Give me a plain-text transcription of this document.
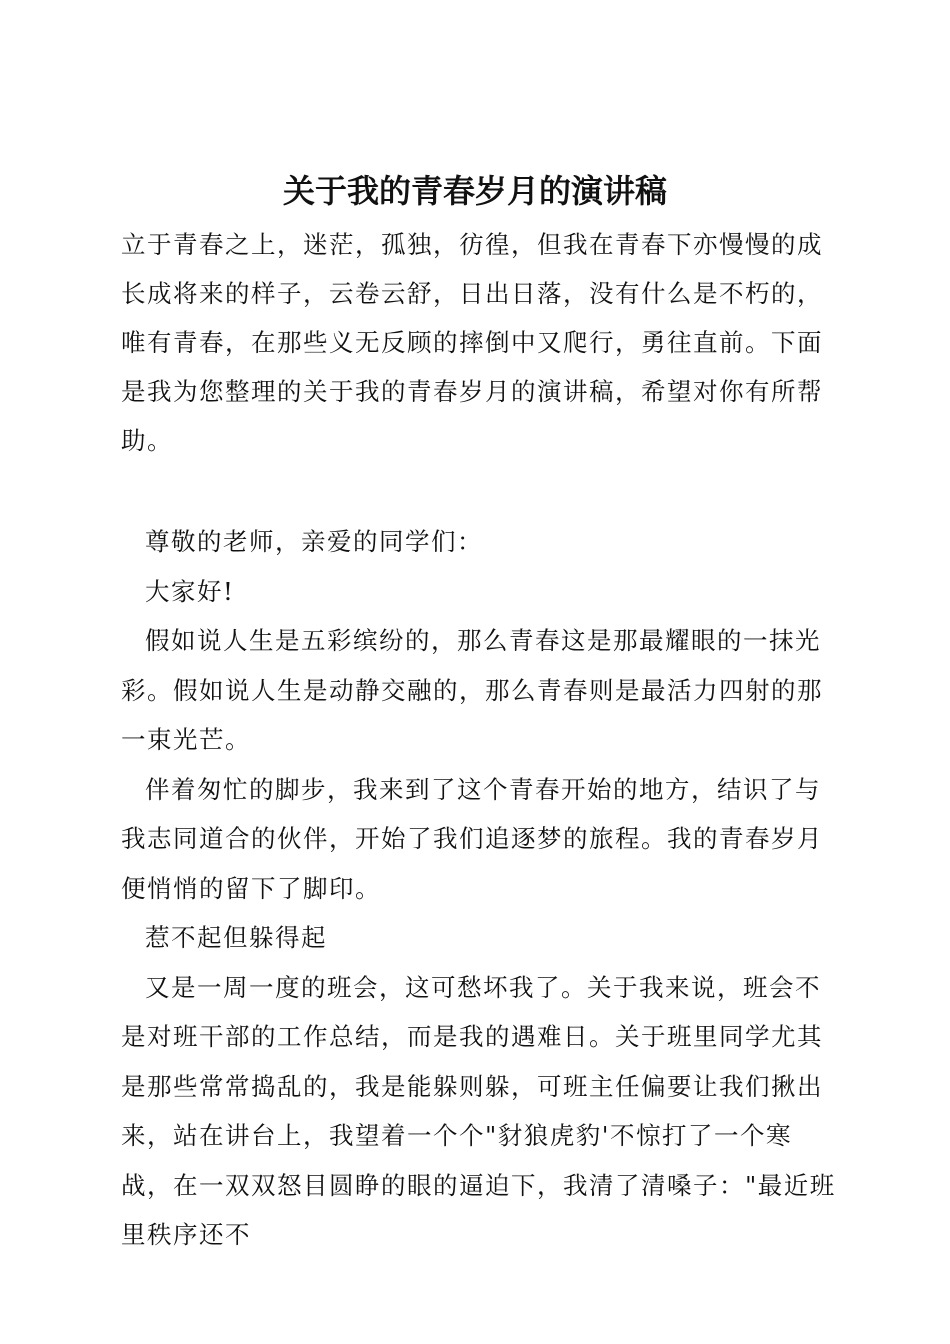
关于我的青春岁月的演讲稿

立于青春之上，迷茫，孤独，彷徨，但我在青春下亦慢慢的成长成将来的样子，云卷云舒，日出日落，没有什么是不朽的，唯有青春，在那些义无反顾的摔倒中又爬行，勇往直前。下面是我为您整理的关于我的青春岁月的演讲稿，希望对你有所帮助。

尊敬的老师，亲爱的同学们：

大家好!

假如说人生是五彩缤纷的，那么青春这是那最耀眼的一抹光彩。假如说人生是动静交融的，那么青春则是最活力四射的那一束光芒。

伴着匆忙的脚步，我来到了这个青春开始的地方，结识了与我志同道合的伙伴，开始了我们追逐梦的旅程。我的青春岁月便悄悄的留下了脚印。

惹不起但躲得起

又是一周一度的班会，这可愁坏我了。关于我来说，班会不是对班干部的工作总结，而是我的遇难日。关于班里同学尤其是那些常常捣乱的，我是能躲则躲，可班主任偏要让我们揪出来，站在讲台上，我望着一个个"豺狼虎豹'不惊打了一个寒战，在一双双怒目圆睁的眼的逼迫下，我清了清嗓子："最近班里秩序还不
